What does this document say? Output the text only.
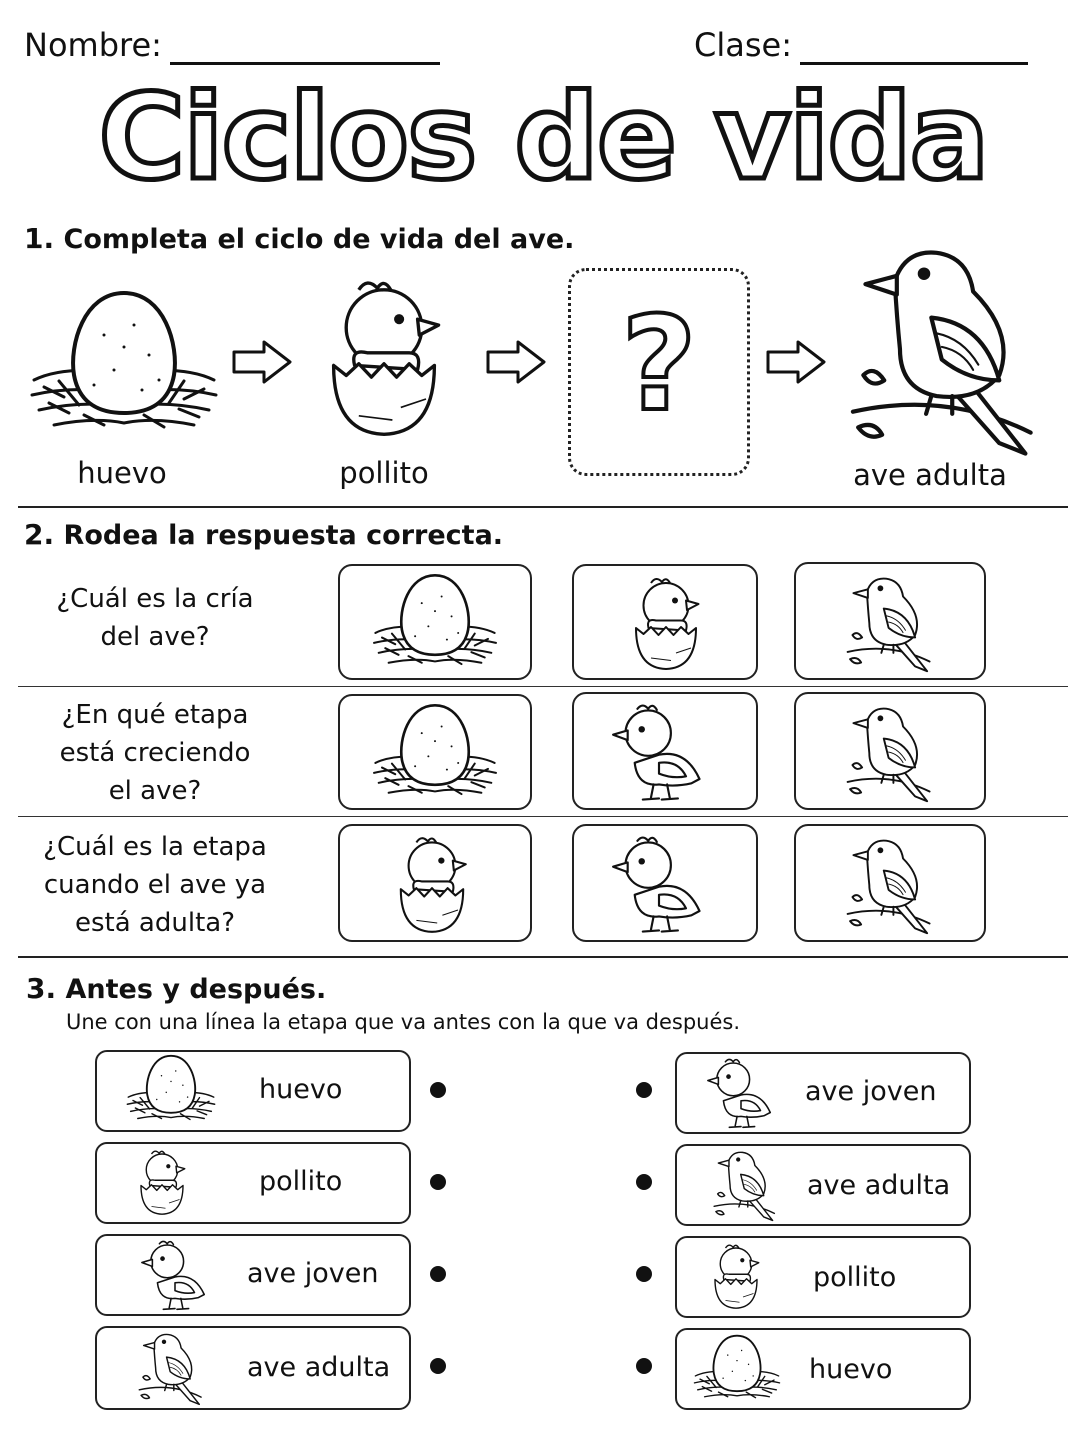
Nombre:	Clase:
Ciclos de vida
1. Completa el ciclo de vida del ave.
huevo	pollito
?
ave adulta
2. Rodea la respuesta correcta.
¿Cuál es la cría
del ave?
¿En qué etapa
está creciendo
el ave?
¿Cuál es la etapa
cuando el ave ya
está adulta?
3. Antes y después.
Une con una línea la etapa que va antes con la que va después.
huevo
pollito
ave joven
ave adulta
ave joven
ave adulta
pollito
huevo
